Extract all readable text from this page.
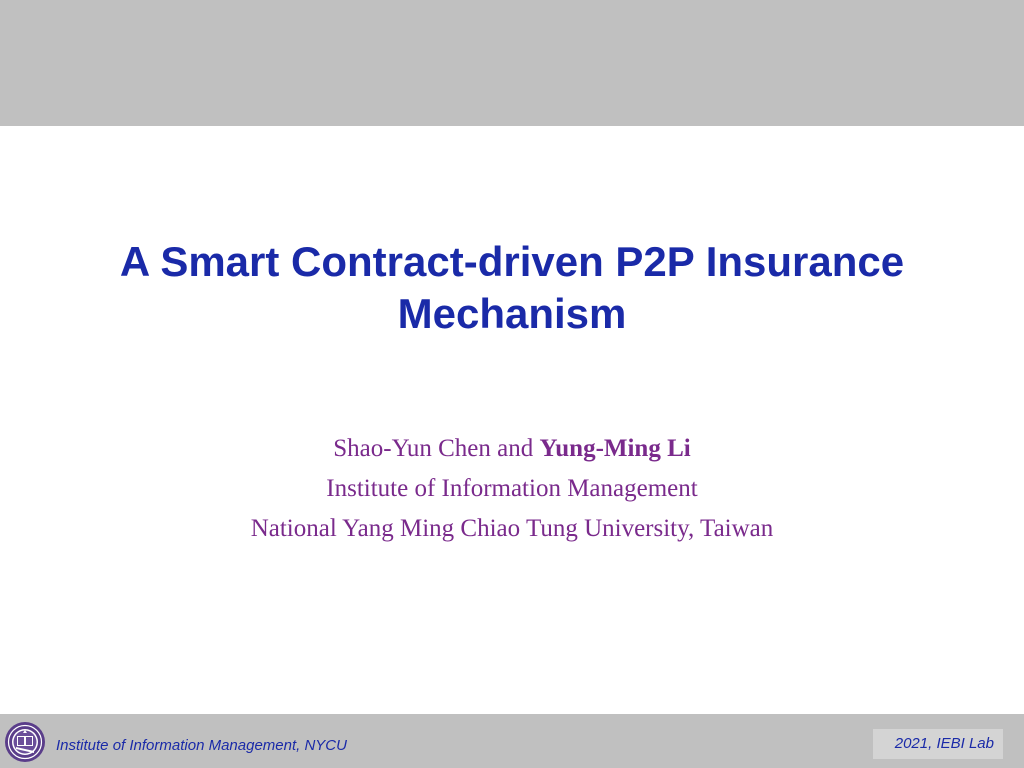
A Smart Contract-driven P2P Insurance
Mechanism
Shao-Yun Chen and Yung-Ming Li
Institute of Information Management
National Yang Ming Chiao Tung University, Taiwan
Institute of Information Management, NYCU	2021, IEBI Lab
